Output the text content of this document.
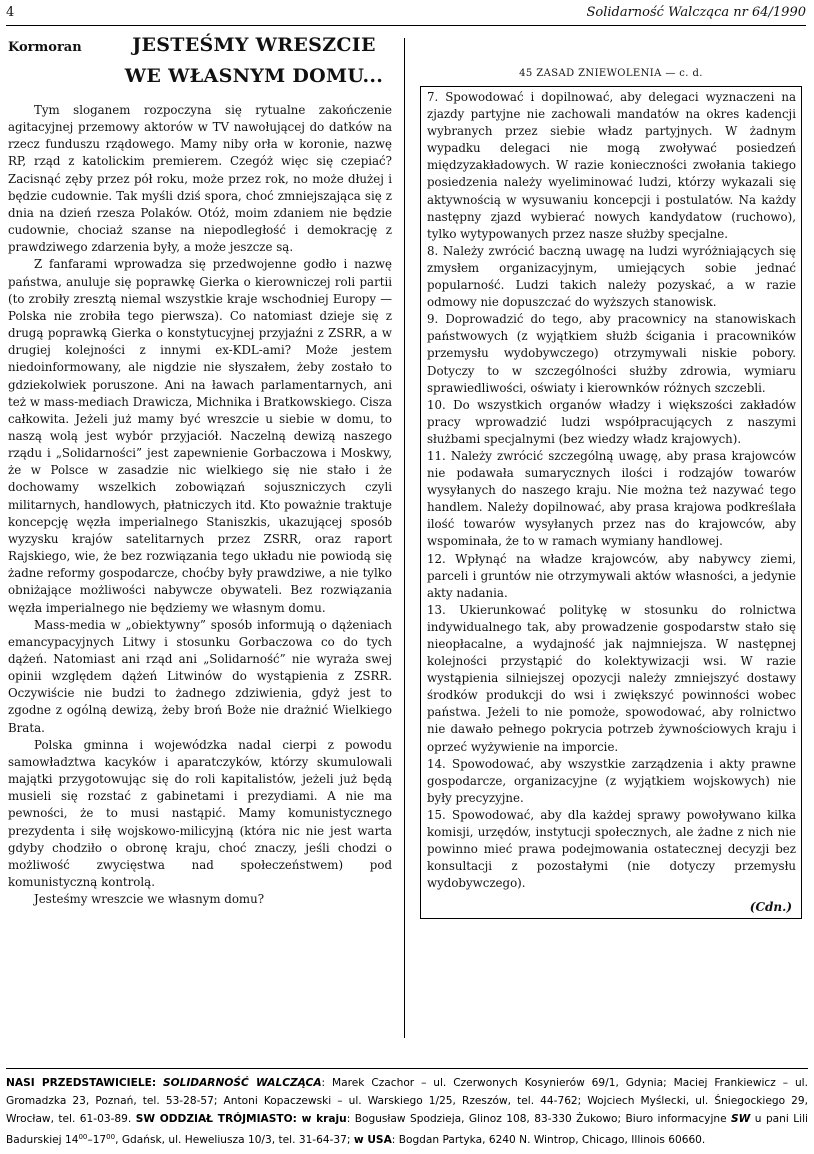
4	Solidarność Walcząca nr 64/1990
Kormoran	JESTEŚMY WRESZCIE
WE WŁASNYM DOMU...

Tym sloganem rozpoczyna się rytualne zakończenie agitacyjnej przemowy aktorów w TV nawołującej do datków na rzecz funduszu rządowego. Mamy niby orła w koronie, nazwę RP, rząd z katolickim premierem. Czegóż więc się czepiać? Zacisnąć zęby przez pół roku, może przez rok, no może dłużej i będzie cudownie. Tak myśli dziś spora, choć zmniejszająca się z dnia na dzień rzesza Polaków. Otóż, moim zdaniem nie będzie cudownie, chociaż szanse na niepodległość i demokrację z prawdziwego zdarzenia były, a może jeszcze są.

Z fanfarami wprowadza się przedwojenne godło i nazwę państwa, anuluje się poprawkę Gierka o kierowniczej roli partii (to zrobiły zresztą niemal wszystkie kraje wschodniej Europy — Polska nie zrobiła tego pierwsza). Co natomiast dzieje się z drugą poprawką Gierka o konstytucyjnej przyjaźni z ZSRR, a w drugiej kolejności z innymi ex-KDL-ami? Może jestem niedoinformowany, ale nigdzie nie słyszałem, żeby zostało to gdziekolwiek poruszone. Ani na ławach parlamentarnych, ani też w mass-mediach Drawicza, Michnika i Bratkowskiego. Cisza całkowita. Jeżeli już mamy być wreszcie u siebie w domu, to naszą wolą jest wybór przyjaciół. Naczelną dewizą naszego rządu i „Solidarności” jest zapewnienie Gorbaczowa i Moskwy, że w Polsce w zasadzie nic wielkiego się nie stało i że dochowamy wszelkich zobowiązań sojuszniczych czyli militarnych, handlowych, płatniczych itd. Kto poważnie traktuje koncepcję węzła imperialnego Staniszkis, ukazującej sposób wyzysku krajów satelitarnych przez ZSRR, oraz raport Rajskiego, wie, że bez rozwiązania tego układu nie powiodą się żadne reformy gospodarcze, choćby były prawdziwe, a nie tylko obniżające możliwości nabywcze obywateli. Bez rozwiązania węzła imperialnego nie będziemy we własnym domu.

Mass-media w „obiektywny” sposób informują o dążeniach emancypacyjnych Litwy i stosunku Gorbaczowa co do tych dążeń. Natomiast ani rząd ani „Solidarność” nie wyraża swej opinii względem dążeń Litwinów do wystąpienia z ZSRR. Oczywiście nie budzi to żadnego zdziwienia, gdyż jest to zgodne z ogólną dewizą, żeby broń Boże nie drażnić Wielkiego Brata.

Polska gminna i wojewódzka nadal cierpi z powodu samowładztwa kacyków i aparatczyków, którzy skumulowali majątki przygotowując się do roli kapitalistów, jeżeli już będą musieli się rozstać z gabinetami i prezydiami. A nie ma pewności, że to musi nastąpić. Mamy komunistycznego prezydenta i siłę wojskowo-milicyjną (która nic nie jest warta gdyby chodziło o obronę kraju, choć znaczy, jeśli chodzi o możliwość zwycięstwa nad społeczeństwem) pod komunistyczną kontrolą.

Jesteśmy wreszcie we własnym domu?

45 ZASAD ZNIEWOLENIA — c. d.

7. Spowodować i dopilnować, aby delegaci wyznaczeni na zjazdy partyjne nie zachowali mandatów na okres kadencji wybranych przez siebie władz partyjnych. W żadnym wypadku delegaci nie mogą zwoływać posiedzeń międzyzakładowych. W razie konieczności zwołania takiego posiedzenia należy wyeliminować ludzi, którzy wykazali się aktywnością w wysuwaniu koncepcji i postulatów. Na każdy następny zjazd wybierać nowych kandydatow (ruchowo), tylko wytypowanych przez nasze służby specjalne.

8. Należy zwrócić baczną uwagę na ludzi wyróżniających się zmysłem organizacyjnym, umiejących sobie jednać popularność. Ludzi takich należy pozyskać, a w razie odmowy nie dopuszczać do wyższych stanowisk.

9. Doprowadzić do tego, aby pracownicy na stanowiskach państwowych (z wyjątkiem służb ścigania i pracowników przemysłu wydobywczego) otrzymywali niskie pobory. Dotyczy to w szczególności służby zdrowia, wymiaru sprawiedliwości, oświaty i kierownków różnych szczebli.

10. Do wszystkich organów władzy i większości zakładów pracy wprowadzić ludzi współpracujących z naszymi służbami specjalnymi (bez wiedzy władz krajowych).

11. Należy zwrócić szczególną uwagę, aby prasa krajowców nie podawała sumarycznych ilości i rodzajów towarów wysyłanych do naszego kraju. Nie można też nazywać tego handlem. Należy dopilnować, aby prasa krajowa podkreślała ilość towarów wysyłanych przez nas do krajowców, aby wspominała, że to w ramach wymiany handlowej.

12. Wpłynąć na władze krajowców, aby nabywcy ziemi, parceli i gruntów nie otrzymywali aktów własności, a jedynie akty nadania.

13. Ukierunkować politykę w stosunku do rolnictwa indywidualnego tak, aby prowadzenie gospodarstw stało się nieopłacalne, a wydajność jak najmniejsza. W następnej kolejności przystąpić do kolektywizacji wsi. W razie wystąpienia silniejszej opozycji należy zmniejszyć dostawy środków produkcji do wsi i zwiększyć powinności wobec państwa. Jeżeli to nie pomoże, spowodować, aby rolnictwo nie dawało pełnego pokrycia potrzeb żywnościowych kraju i oprzeć wyżywienie na imporcie.

14. Spowodować, aby wszystkie zarządzenia i akty prawne gospodarcze, organizacyjne (z wyjątkiem wojskowych) nie były precyzyjne.

15. Spowodować, aby dla każdej sprawy powoływano kilka komisji, urzędów, instytucji społecznych, ale żadne z nich nie powinno mieć prawa podejmowania ostatecznej decyzji bez konsultacji z pozostałymi (nie dotyczy przemysłu wydobywczego).

(Cdn.)
NASI PRZEDSTAWICIELE: SOLIDARNOŚĆ WALCZĄCA: Marek Czachor – ul. Czerwonych Kosynierów 69/1, Gdynia; Maciej Frankiewicz – ul. Gromadzka 23, Poznań, tel. 53-28-57; Antoni Kopaczewski – ul. Warskiego 1/25, Rzeszów, tel. 44-762; Wojciech Myślecki, ul. Śniegockiego 29, Wrocław, tel. 61-03-89. SW ODDZIAŁ TRÓJMIASTO: w kraju: Bogusław Spodzieja, Glinoz 108, 83-330 Żukowo; Biuro informacyjne SW u pani Lili Badurskiej $14^{00}-17^{00}$, Gdańsk, ul. Heweliusza 10/3, tel. 31-64-37; w USA: Bogdan Partyka, 6240 N. Wintrop, Chicago, Illinois 60660.
